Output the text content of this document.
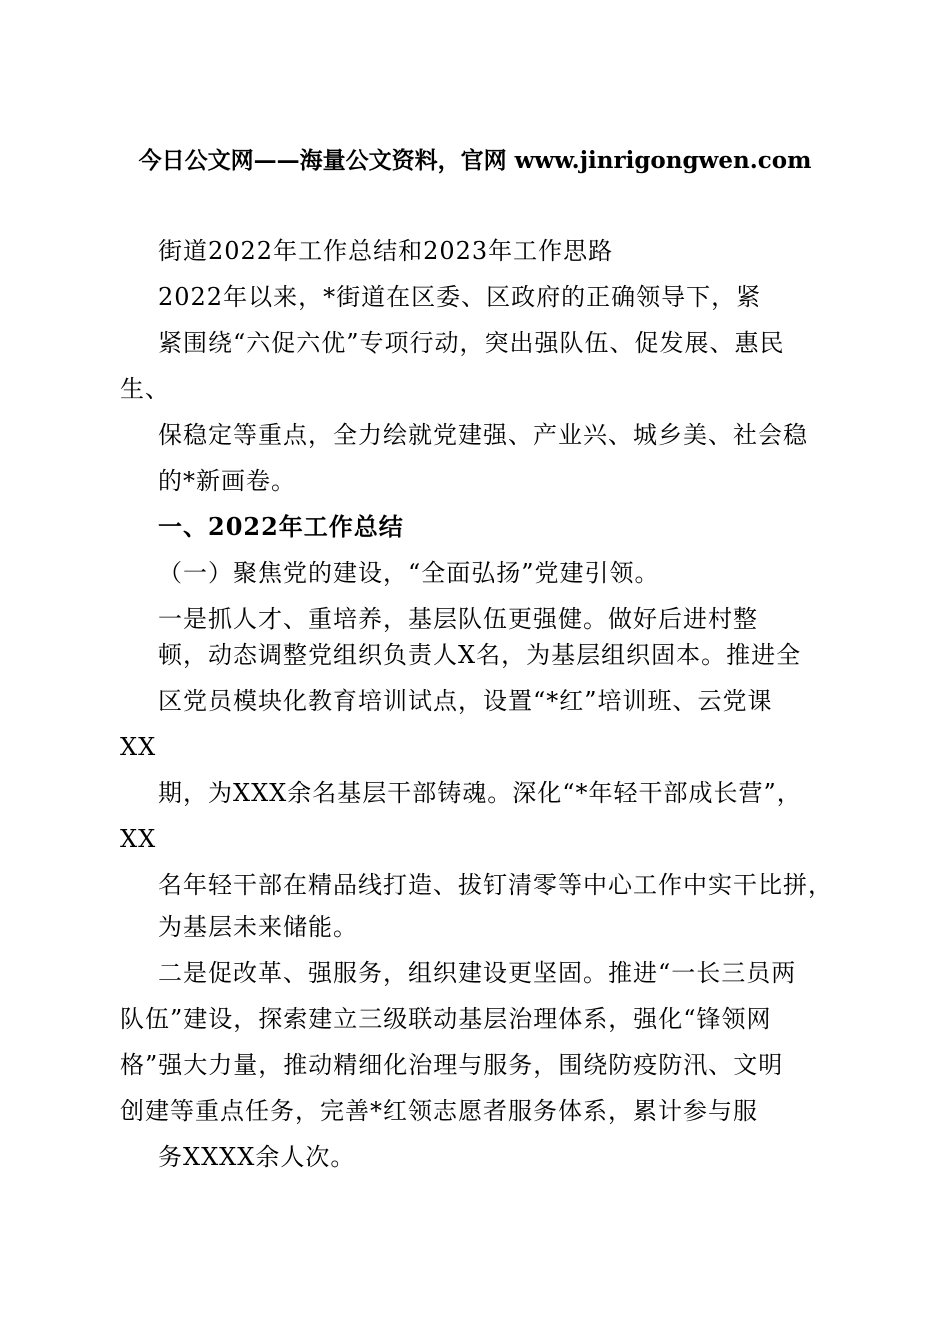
今日公文网——海量公文资料，官网 www.jinrigongwen.com
街道2022年工作总结和2023年工作思路
2022年以来，*街道在区委、区政府的正确领导下，紧
紧围绕“六促六优”专项行动，突出强队伍、促发展、惠民
生、
保稳定等重点，全力绘就党建强、产业兴、城乡美、社会稳
的*新画卷。
一、2022年工作总结
（一）聚焦党的建设，“全面弘扬”党建引领。
一是抓人才、重培养，基层队伍更强健。做好后进村整
顿，动态调整党组织负责人X名，为基层组织固本。推进全
区党员模块化教育培训试点，设置“*红”培训班、云党课
XX
期，为XXX余名基层干部铸魂。深化“*年轻干部成长营”，
XX
名年轻干部在精品线打造、拔钉清零等中心工作中实干比拼，
为基层未来储能。
二是促改革、强服务，组织建设更坚固。推进“一长三员两
队伍”建设，探索建立三级联动基层治理体系，强化“锋领网
格”强大力量，推动精细化治理与服务，围绕防疫防汛、文明
创建等重点任务，完善*红领志愿者服务体系，累计参与服
务XXXX余人次。
